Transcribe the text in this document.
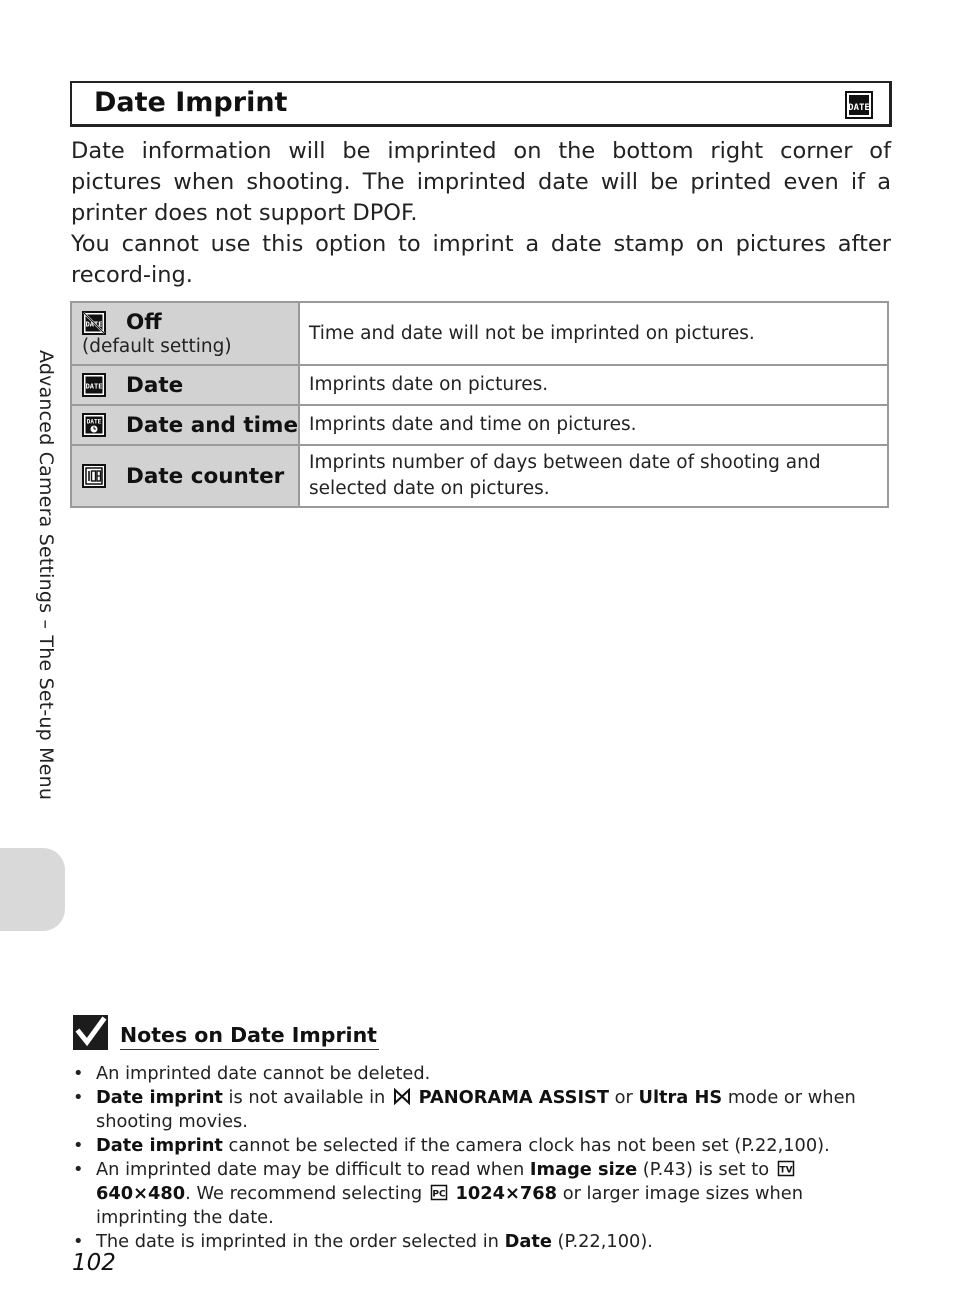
Date Imprint	DATE

Date information will be imprinted on the bottom right corner of pictures when shooting. The imprinted date will be printed even if a printer does not support DPOF.

You cannot use this option to imprint a date stamp on pictures after record-ing.

DATE Off
(default setting)	Time and date will not be imprinted on pictures.

DATE Date	Imprints date on pictures.

DATE Date and time	Imprints date and time on pictures.

Date counter	Imprints number of days between date of shooting and selected date on pictures.
Advanced Camera Settings – The Set-up Menu
Notes on Date Imprint
• An imprinted date cannot be deleted.
• Date imprint is not available in  PANORAMA ASSIST or Ultra HS mode or when shooting movies.
• Date imprint cannot be selected if the camera clock has not been set (P.22,100).
• An imprinted date may be difficult to read when Image size (P.43) is set to TV
640×480. We recommend selecting PC 1024×768 or larger image sizes when imprinting the date.
• The date is imprinted in the order selected in Date (P.22,100).
102
